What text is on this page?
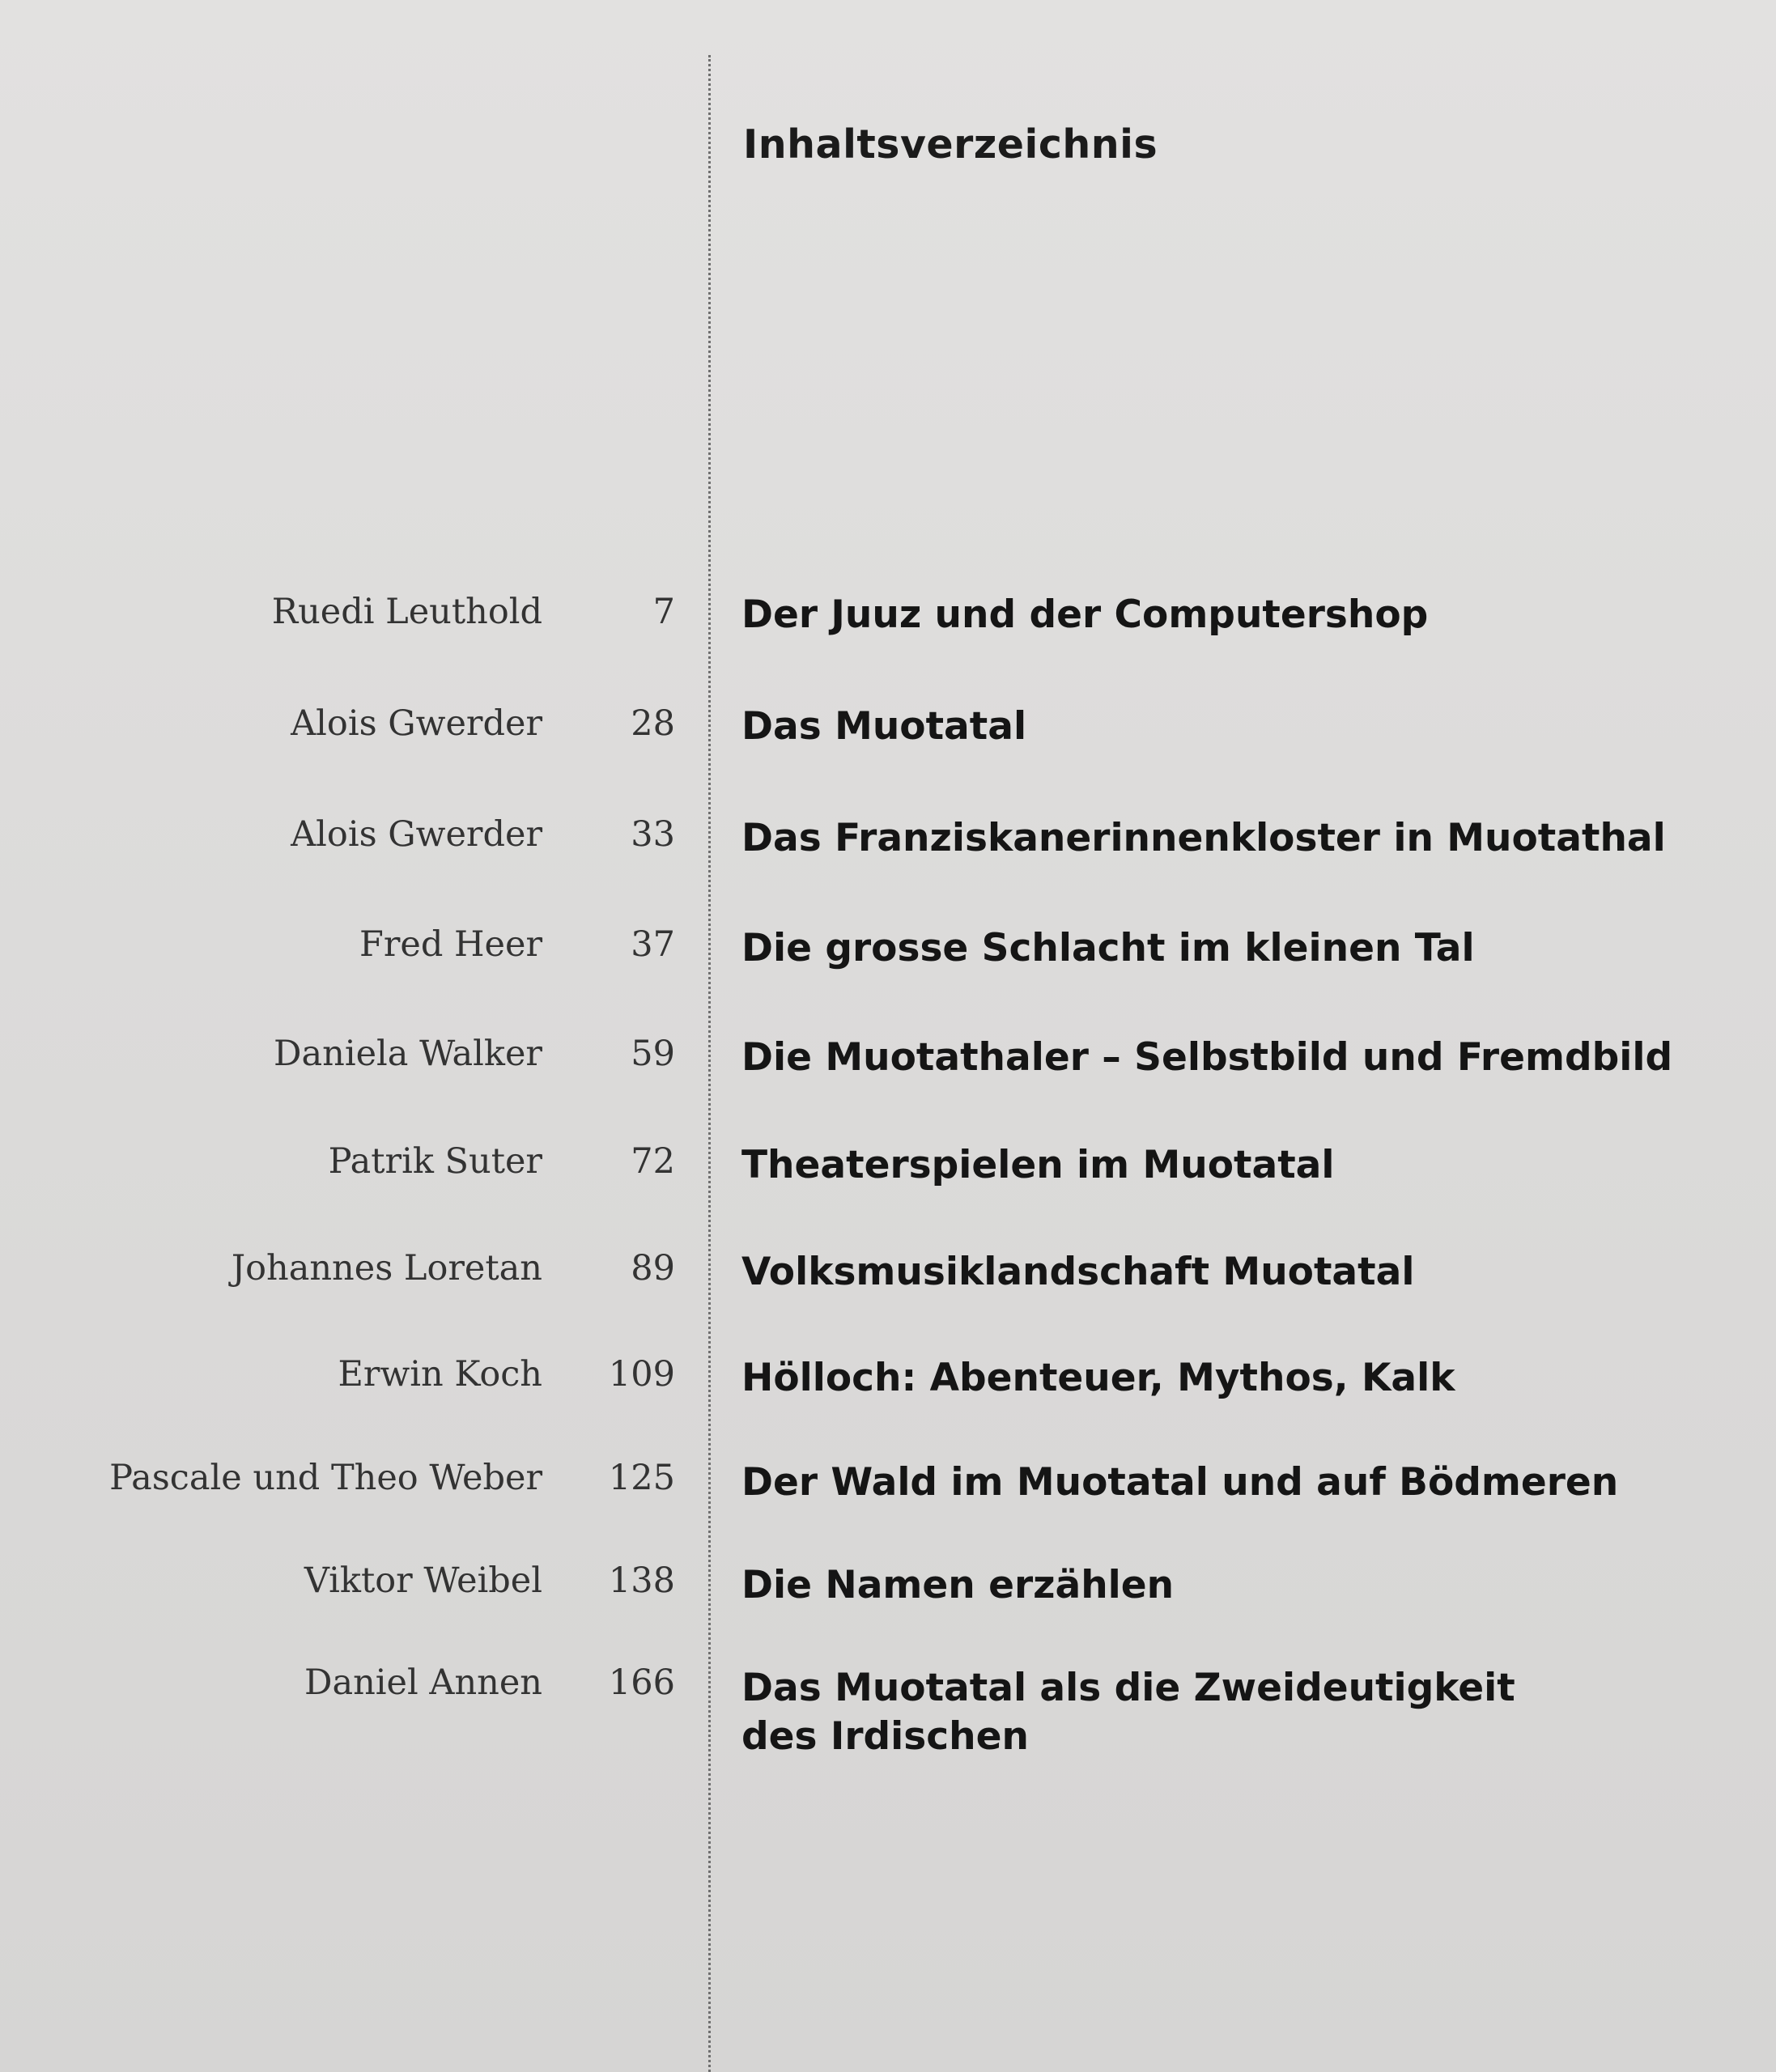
Inhaltsverzeichnis
Ruedi Leuthold	7 Der Juuz und der Computershop
Alois Gwerder	28 Das Muotatal
Alois Gwerder	33 Das Franziskanerinnenkloster in Muotathal
Fred Heer	37 Die grosse Schlacht im kleinen Tal
Daniela Walker	59 Die Muotathaler – Selbstbild und Fremdbild
Patrik Suter	72 Theaterspielen im Muotatal
Johannes Loretan	89 Volksmusiklandschaft Muotatal
Erwin Koch 109 Hölloch: Abenteuer, Mythos, Kalk
Pascale und Theo Weber 125 Der Wald im Muotatal und auf Bödmeren
Viktor Weibel 138 Die Namen erzählen
Daniel Annen 166 Das Muotatal als die Zweideutigkeit
des Irdischen
